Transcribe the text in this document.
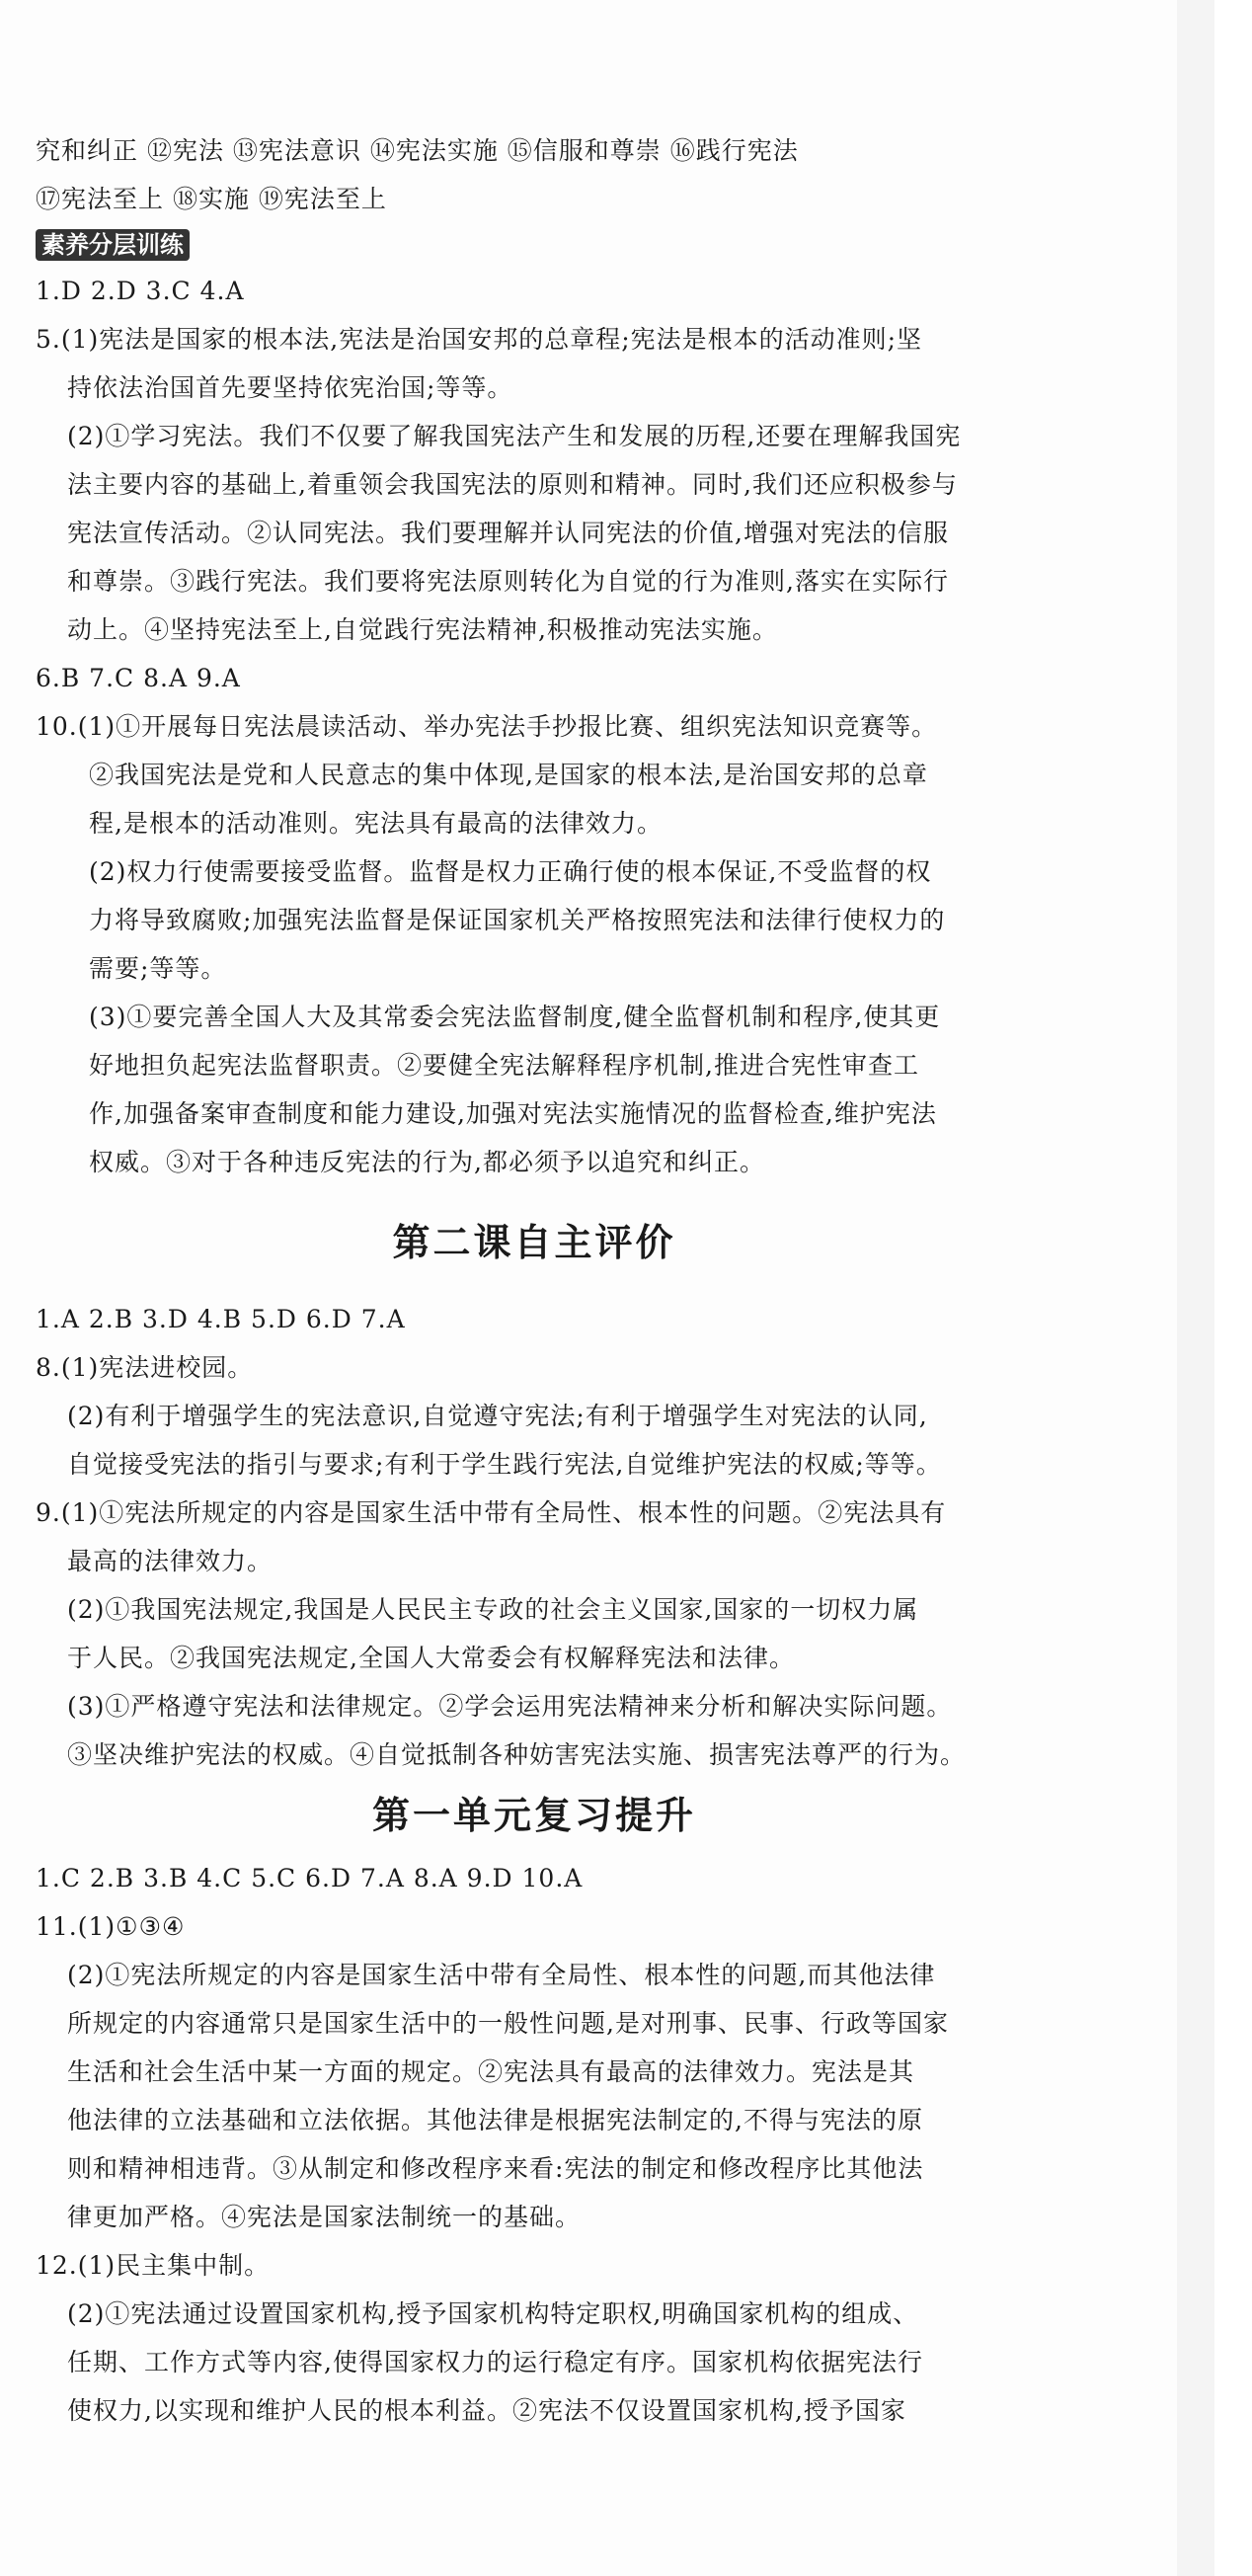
究和纠正 ⑫宪法 ⑬宪法意识 ⑭宪法实施 ⑮信服和尊崇 ⑯践行宪法
⑰宪法至上 ⑱实施 ⑲宪法至上
素养分层训练
1.D 2.D 3.C 4.A
5.(1)宪法是国家的根本法,宪法是治国安邦的总章程;宪法是根本的活动准则;坚
持依法治国首先要坚持依宪治国;等等。
(2)①学习宪法。我们不仅要了解我国宪法产生和发展的历程,还要在理解我国宪
法主要内容的基础上,着重领会我国宪法的原则和精神。同时,我们还应积极参与
宪法宣传活动。②认同宪法。我们要理解并认同宪法的价值,增强对宪法的信服
和尊崇。③践行宪法。我们要将宪法原则转化为自觉的行为准则,落实在实际行
动上。④坚持宪法至上,自觉践行宪法精神,积极推动宪法实施。
6.B 7.C 8.A 9.A
10.(1)①开展每日宪法晨读活动、举办宪法手抄报比赛、组织宪法知识竞赛等。
②我国宪法是党和人民意志的集中体现,是国家的根本法,是治国安邦的总章
程,是根本的活动准则。宪法具有最高的法律效力。
(2)权力行使需要接受监督。监督是权力正确行使的根本保证,不受监督的权
力将导致腐败;加强宪法监督是保证国家机关严格按照宪法和法律行使权力的
需要;等等。
(3)①要完善全国人大及其常委会宪法监督制度,健全监督机制和程序,使其更
好地担负起宪法监督职责。②要健全宪法解释程序机制,推进合宪性审查工
作,加强备案审查制度和能力建设,加强对宪法实施情况的监督检查,维护宪法
权威。③对于各种违反宪法的行为,都必须予以追究和纠正。
第二课自主评价
1.A 2.B 3.D 4.B 5.D 6.D 7.A
8.(1)宪法进校园。
(2)有利于增强学生的宪法意识,自觉遵守宪法;有利于增强学生对宪法的认同,
自觉接受宪法的指引与要求;有利于学生践行宪法,自觉维护宪法的权威;等等。
9.(1)①宪法所规定的内容是国家生活中带有全局性、根本性的问题。②宪法具有
最高的法律效力。
(2)①我国宪法规定,我国是人民民主专政的社会主义国家,国家的一切权力属
于人民。②我国宪法规定,全国人大常委会有权解释宪法和法律。
(3)①严格遵守宪法和法律规定。②学会运用宪法精神来分析和解决实际问题。
③坚决维护宪法的权威。④自觉抵制各种妨害宪法实施、损害宪法尊严的行为。
第一单元复习提升
1.C 2.B 3.B 4.C 5.C 6.D 7.A 8.A 9.D 10.A
11.(1)①③④
(2)①宪法所规定的内容是国家生活中带有全局性、根本性的问题,而其他法律
所规定的内容通常只是国家生活中的一般性问题,是对刑事、民事、行政等国家
生活和社会生活中某一方面的规定。②宪法具有最高的法律效力。宪法是其
他法律的立法基础和立法依据。其他法律是根据宪法制定的,不得与宪法的原
则和精神相违背。③从制定和修改程序来看:宪法的制定和修改程序比其他法
律更加严格。④宪法是国家法制统一的基础。
12.(1)民主集中制。
(2)①宪法通过设置国家机构,授予国家机构特定职权,明确国家机构的组成、
任期、工作方式等内容,使得国家权力的运行稳定有序。国家机构依据宪法行
使权力,以实现和维护人民的根本利益。②宪法不仅设置国家机构,授予国家
